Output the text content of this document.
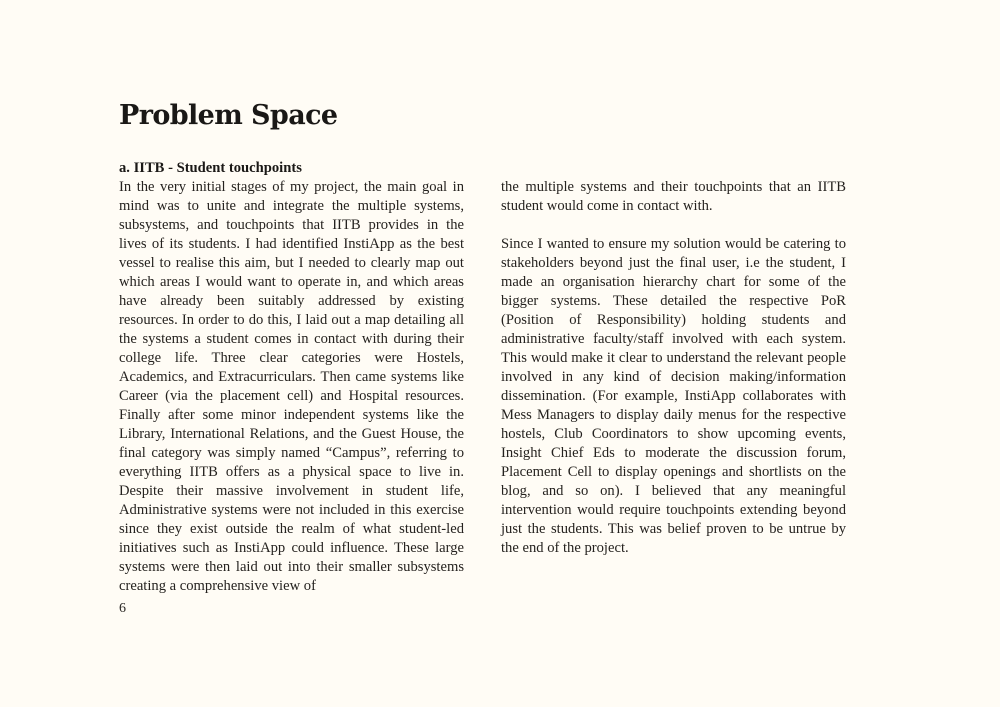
Problem Space
a. IITB - Student touchpoints

In the very initial stages of my project, the main goal in mind was to unite and integrate the multiple systems, subsystems, and touchpoints that IITB provides in the lives of its students. I had identified InstiApp as the best vessel to realise this aim, but I needed to clearly map out which areas I would want to operate in, and which areas have already been suitably addressed by existing resources. In order to do this, I laid out a map detailing all the systems a student comes in contact with during their college life. Three clear categories were Hostels, Academics, and Extracurriculars. Then came systems like Career (via the placement cell) and Hospital resources. Finally after some minor independent systems like the Library, International Relations, and the Guest House, the final category was simply named “Campus”, referring to everything IITB offers as a physical space to live in. Despite their massive involvement in student life, Administrative systems were not included in this exercise since they exist outside the realm of what student-led initiatives such as InstiApp could influence. These large systems were then laid out into their smaller subsystems creating a comprehensive view of

the multiple systems and their touchpoints that an IITB student would come in contact with.

Since I wanted to ensure my solution would be catering to stakeholders beyond just the final user, i.e the student, I made an organisation hierarchy chart for some of the bigger systems. These detailed the respective PoR (Position of Responsibility) holding students and administrative faculty/staff involved with each system. This would make it clear to understand the relevant people involved in any kind of decision making/information dissemination. (For example, InstiApp collaborates with Mess Managers to display daily menus for the respective hostels, Club Coordinators to show upcoming events, Insight Chief Eds to moderate the discussion forum, Placement Cell to display openings and shortlists on the blog, and so on). I believed that any meaningful intervention would require touchpoints extending beyond just the students. This was belief proven to be untrue by the end of the project.

6
